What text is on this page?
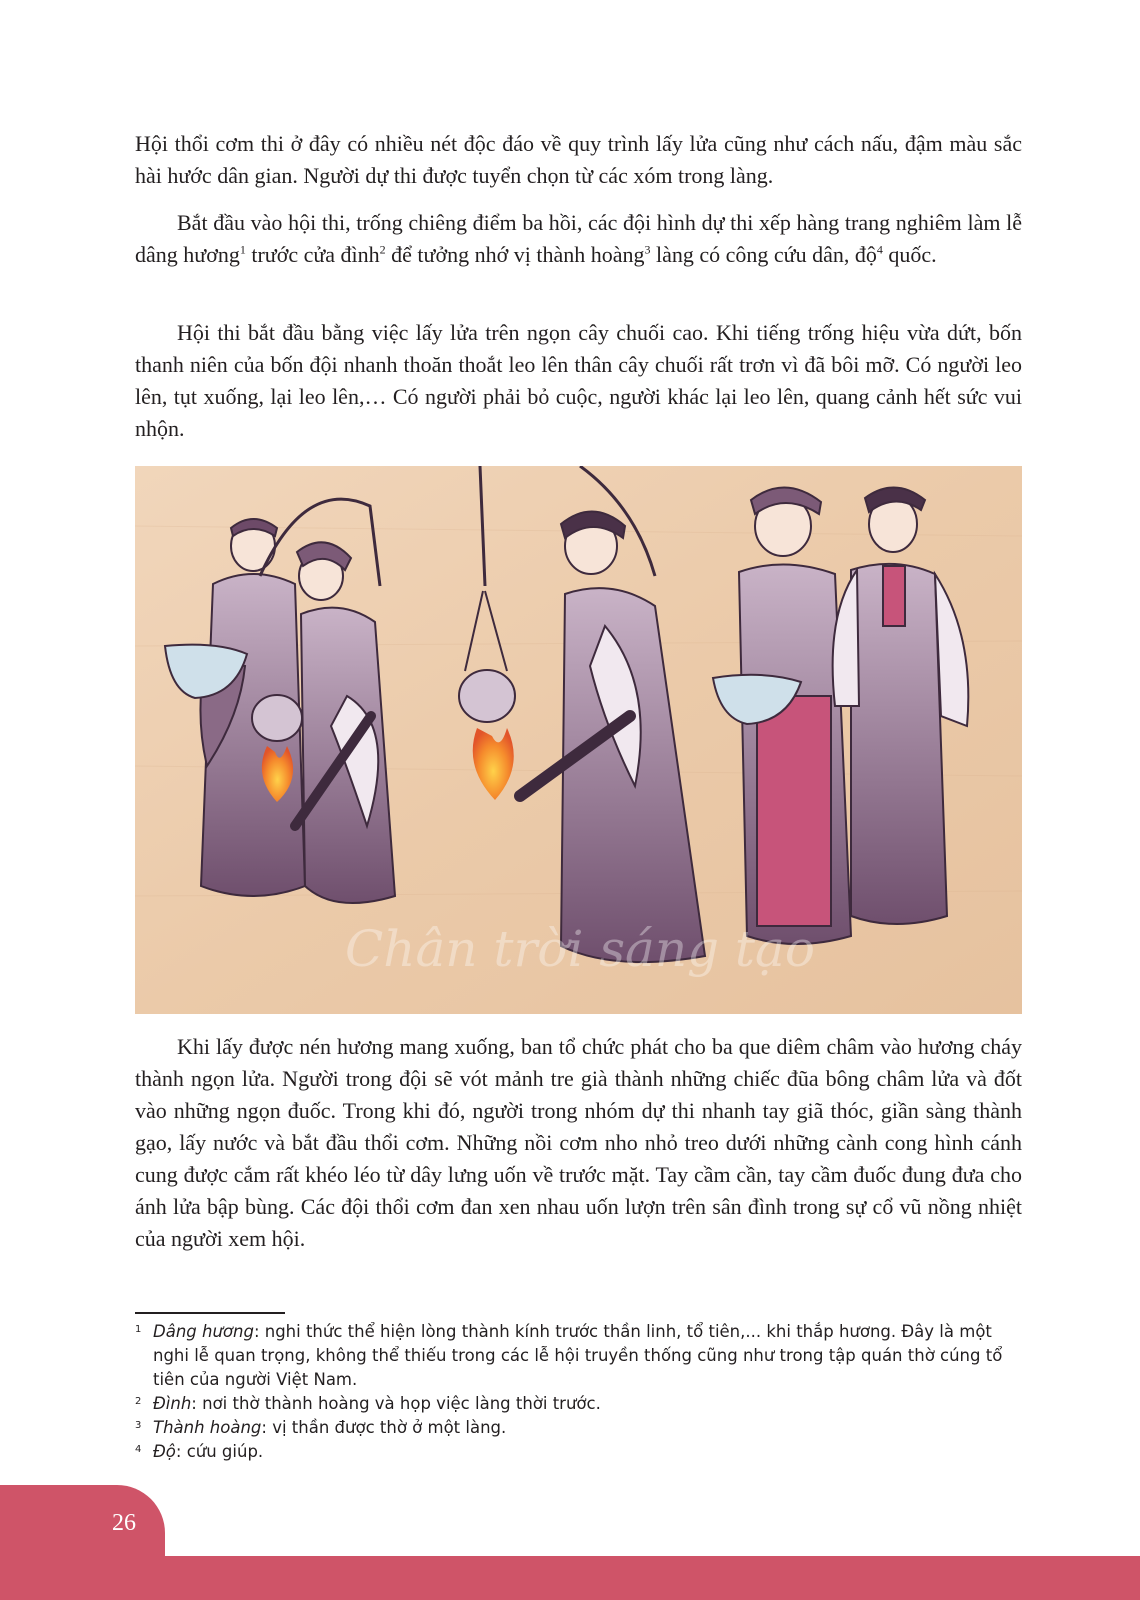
Hội thổi cơm thi ở đây có nhiều nét độc đáo về quy trình lấy lửa cũng như cách nấu, đậm màu sắc hài hước dân gian. Người dự thi được tuyển chọn từ các xóm trong làng.

Bắt đầu vào hội thi, trống chiêng điểm ba hồi, các đội hình dự thi xếp hàng trang nghiêm làm lễ dâng hương$^1$ trước cửa đình$^2$ để tưởng nhớ vị thành hoàng$^3$ làng có công cứu dân, độ$^4$ quốc.

Hội thi bắt đầu bằng việc lấy lửa trên ngọn cây chuối cao. Khi tiếng trống hiệu vừa dứt, bốn thanh niên của bốn đội nhanh thoăn thoắt leo lên thân cây chuối rất trơn vì đã bôi mỡ. Có người leo lên, tụt xuống, lại leo lên,… Có người phải bỏ cuộc, người khác lại leo lên, quang cảnh hết sức vui nhộn.

Chân trời sáng tạo

Khi lấy được nén hương mang xuống, ban tổ chức phát cho ba que diêm châm vào hương cháy thành ngọn lửa. Người trong đội sẽ vót mảnh tre già thành những chiếc đũa bông châm lửa và đốt vào những ngọn đuốc. Trong khi đó, người trong nhóm dự thi nhanh tay giã thóc, giần sàng thành gạo, lấy nước và bắt đầu thổi cơm. Những nồi cơm nho nhỏ treo dưới những cành cong hình cánh cung được cắm rất khéo léo từ dây lưng uốn về trước mặt. Tay cầm cần, tay cầm đuốc đung đưa cho ánh lửa bập bùng. Các đội thổi cơm đan xen nhau uốn lượn trên sân đình trong sự cổ vũ nồng nhiệt của người xem hội.

1 Dâng hương: nghi thức thể hiện lòng thành kính trước thần linh, tổ tiên,... khi thắp hương. Đây là một nghi lễ quan trọng, không thể thiếu trong các lễ hội truyền thống cũng như trong tập quán thờ cúng tổ tiên của người Việt Nam.

2 Đình: nơi thờ thành hoàng và họp việc làng thời trước.

3 Thành hoàng: vị thần được thờ ở một làng.

4 Độ: cứu giúp.

26
